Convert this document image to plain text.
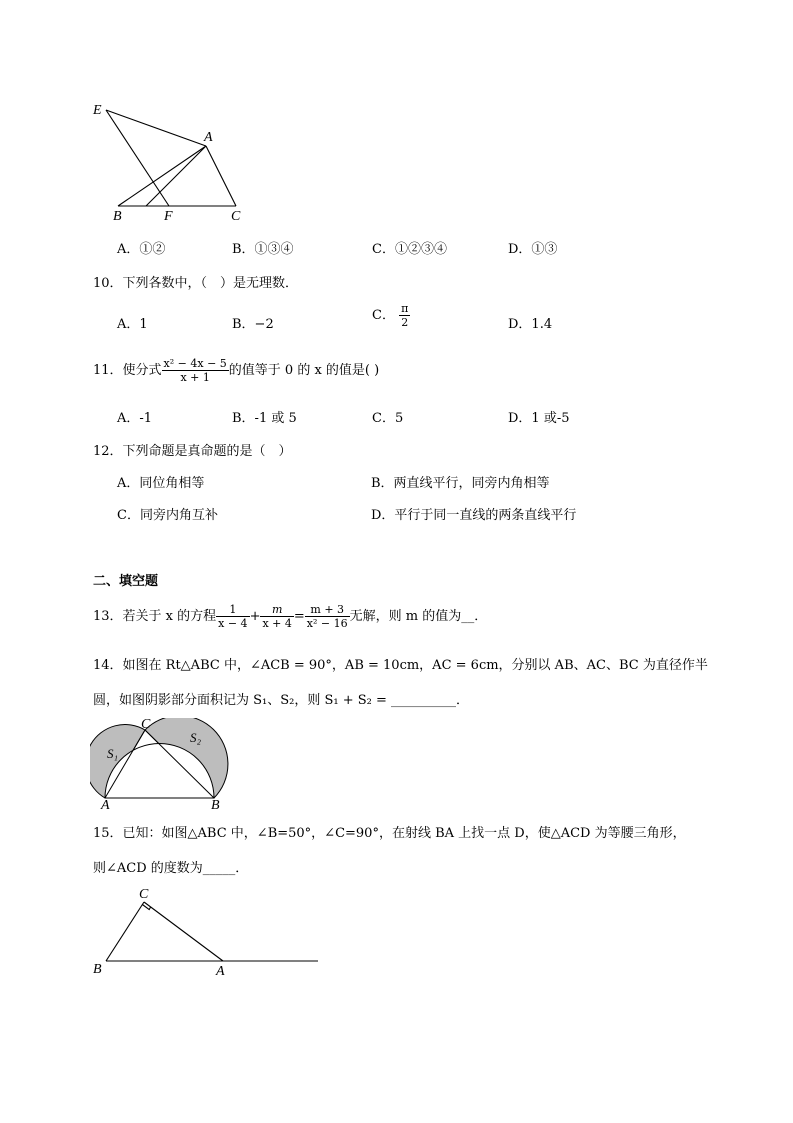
E
A
B	F	C
A．①②	B．①③④	C．①②③④	D．①③
10．下列各数中，（　）是无理数．
A．1	B．−2
C． $\frac{\pi}{2}$	D．1.4
11．使分式 $\frac{\text{x² − 4x − 5}}{x + 1}$ 的值等于 0 的 x 的值是( )
A．-1	B．-1 或 5	C．5	D．1 或-5
12．下列命题是真命题的是（　）
A．同位角相等	B．两直线平行，同旁内角相等
C．同旁内角互补	D．平行于同一直线的两条直线平行
二、填空题
13．若关于 x 的方程 $\frac{1}{x - 4} + \frac{m}{x + 4} = \frac{m + 3}{\text{x² − 16}}$ 无解，则 m 的值为__．
14．如图在 Rt△ABC 中，∠ACB = 90°，AB = 10cm，AC = 6cm，分别以 AB、AC、BC 为直径作半
圆，如图阴影部分面积记为 S₁、S₂，则 S₁ + S₂ = __________．
C
S₁
S₂
A	B
15．已知：如图△ABC 中，∠B=50°，∠C=90°，在射线 BA 上找一点 D，使△ACD 为等腰三角形，
则∠ACD 的度数为_____．
C
B	A
